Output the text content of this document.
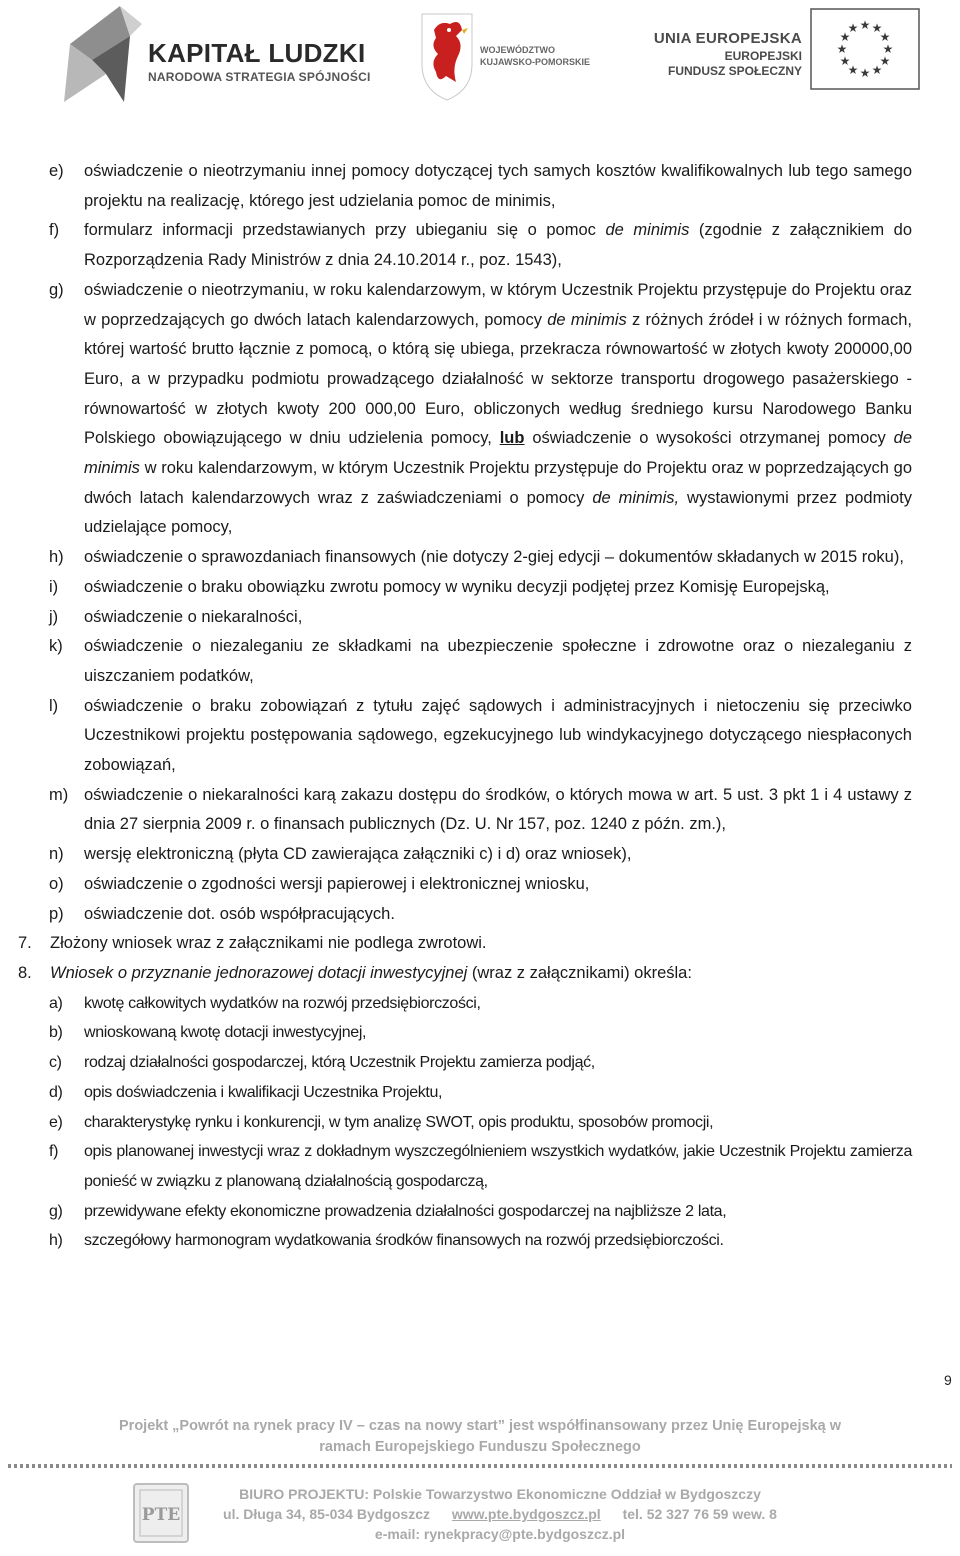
KAPITAŁ LUDZKI
NARODOWA STRATEGIA SPÓJNOŚCI
WOJEWÓDZTWO
KUJAWSKO-POMORSKIE
UNIA EUROPEJSKA
EUROPEJSKI
FUNDUSZ SPOŁECZNY
★ ★
★
★
★
★
★
★
★
★
★
★
e) oświadczenie o nieotrzymaniu innej pomocy dotyczącej tych samych kosztów kwalifikowalnych lub tego samego projektu na realizację, którego jest udzielania pomoc de minimis,
f) formularz informacji przedstawianych przy ubieganiu się o pomoc de minimis (zgodnie z załącznikiem do Rozporządzenia Rady Ministrów z dnia 24.10.2014 r., poz. 1543),
g) oświadczenie o nieotrzymaniu, w roku kalendarzowym, w którym Uczestnik Projektu przystępuje do Projektu oraz w poprzedzających go dwóch latach kalendarzowych, pomocy de minimis z różnych źródeł i w różnych formach, której wartość brutto łącznie z pomocą, o którą się ubiega, przekracza równowartość w złotych kwoty 200000,00 Euro, a w przypadku podmiotu prowadzącego działalność w sektorze transportu drogowego pasażerskiego - równowartość w złotych kwoty 200 000,00 Euro, obliczonych według średniego kursu Narodowego Banku Polskiego obowiązującego w dniu udzielenia pomocy, lub oświadczenie o wysokości otrzymanej pomocy de minimis w roku kalendarzowym, w którym Uczestnik Projektu przystępuje do Projektu oraz w poprzedzających go dwóch latach kalendarzowych wraz z zaświadczeniami o pomocy de minimis, wystawionymi przez podmioty udzielające pomocy,
h) oświadczenie o sprawozdaniach finansowych (nie dotyczy 2-giej edycji – dokumentów składanych w 2015 roku),
i) oświadczenie o braku obowiązku zwrotu pomocy w wyniku decyzji podjętej przez Komisję Europejską,
j) oświadczenie o niekaralności,
k) oświadczenie o niezaleganiu ze składkami na ubezpieczenie społeczne i zdrowotne oraz o niezaleganiu z uiszczaniem podatków,
l) oświadczenie o braku zobowiązań z tytułu zajęć sądowych i administracyjnych i nietoczeniu się przeciwko Uczestnikowi projektu postępowania sądowego, egzekucyjnego lub windykacyjnego dotyczącego niespłaconych zobowiązań,
m) oświadczenie o niekaralności karą zakazu dostępu do środków, o których mowa w art. 5 ust. 3 pkt 1 i 4 ustawy z dnia 27 sierpnia 2009 r. o finansach publicznych (Dz. U. Nr 157, poz. 1240 z późn. zm.),
n) wersję elektroniczną (płyta CD zawierająca załączniki c) i d) oraz wniosek),
o) oświadczenie o zgodności wersji papierowej i elektronicznej wniosku,
p) oświadczenie dot. osób współpracujących.
7. Złożony wniosek wraz z załącznikami nie podlega zwrotowi.
8. Wniosek o przyznanie jednorazowej dotacji inwestycyjnej (wraz z załącznikami) określa:
a) kwotę całkowitych wydatków na rozwój przedsiębiorczości,
b) wnioskowaną kwotę dotacji inwestycyjnej,
c) rodzaj działalności gospodarczej, którą Uczestnik Projektu zamierza podjąć,
d) opis doświadczenia i kwalifikacji Uczestnika Projektu,
e) charakterystykę rynku i konkurencji, w tym analizę SWOT, opis produktu, sposobów promocji,
f) opis planowanej inwestycji wraz z dokładnym wyszczególnieniem wszystkich wydatków, jakie Uczestnik Projektu zamierza ponieść w związku z planowaną działalnością gospodarczą,
g) przewidywane efekty ekonomiczne prowadzenia działalności gospodarczej na najbliższe 2 lata,
h) szczegółowy harmonogram wydatkowania środków finansowych na rozwój przedsiębiorczości.
9
Projekt „Powrót na rynek pracy IV – czas na nowy start” jest współfinansowany przez Unię Europejską w
ramach Europejskiego Funduszu Społecznego
PTE
BIURO PROJEKTU: Polskie Towarzystwo Ekonomiczne Oddział w Bydgoszczy
ul. Długa 34, 85-034 Bydgoszcz www.pte.bydgoszcz.pl tel. 52 327 76 59 wew. 8
e-mail: rynekpracy@pte.bydgoszcz.pl
